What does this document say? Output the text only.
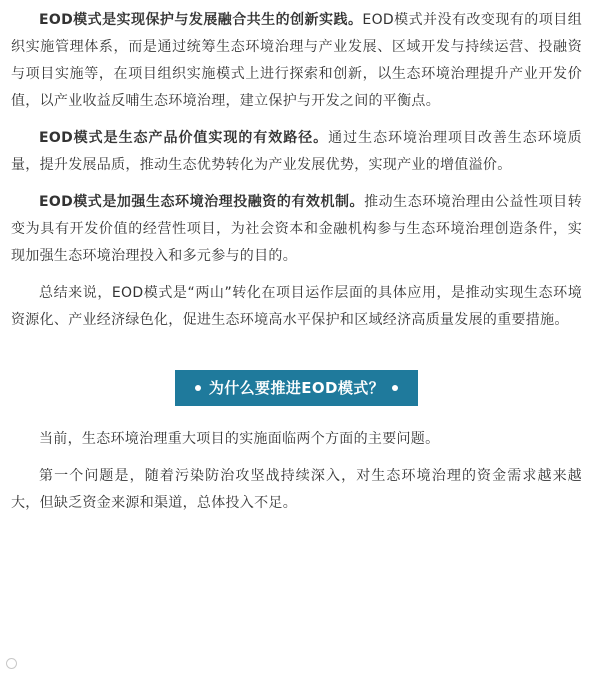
EOD模式是实现保护与发展融合共生的创新实践。EOD模式并没有改变现有的项目组织实施管理体系，而是通过统筹生态环境治理与产业发展、区域开发与持续运营、投融资与项目实施等，在项目组织实施模式上进行探索和创新，以生态环境治理提升产业开发价值，以产业收益反哺生态环境治理，建立保护与开发之间的平衡点。

EOD模式是生态产品价值实现的有效路径。通过生态环境治理项目改善生态环境质量，提升发展品质，推动生态优势转化为产业发展优势，实现产业的增值溢价。

EOD模式是加强生态环境治理投融资的有效机制。推动生态环境治理由公益性项目转变为具有开发价值的经营性项目，为社会资本和金融机构参与生态环境治理创造条件，实现加强生态环境治理投入和多元参与的目的。

总结来说，EOD模式是“两山”转化在项目运作层面的具体应用，是推动实现生态环境资源化、产业经济绿色化，促进生态环境高水平保护和区域经济高质量发展的重要措施。

为什么要推进EOD模式？

当前，生态环境治理重大项目的实施面临两个方面的主要问题。

第一个问题是，随着污染防治攻坚战持续深入，对生态环境治理的资金需求越来越大，但缺乏资金来源和渠道，总体投入不足。
